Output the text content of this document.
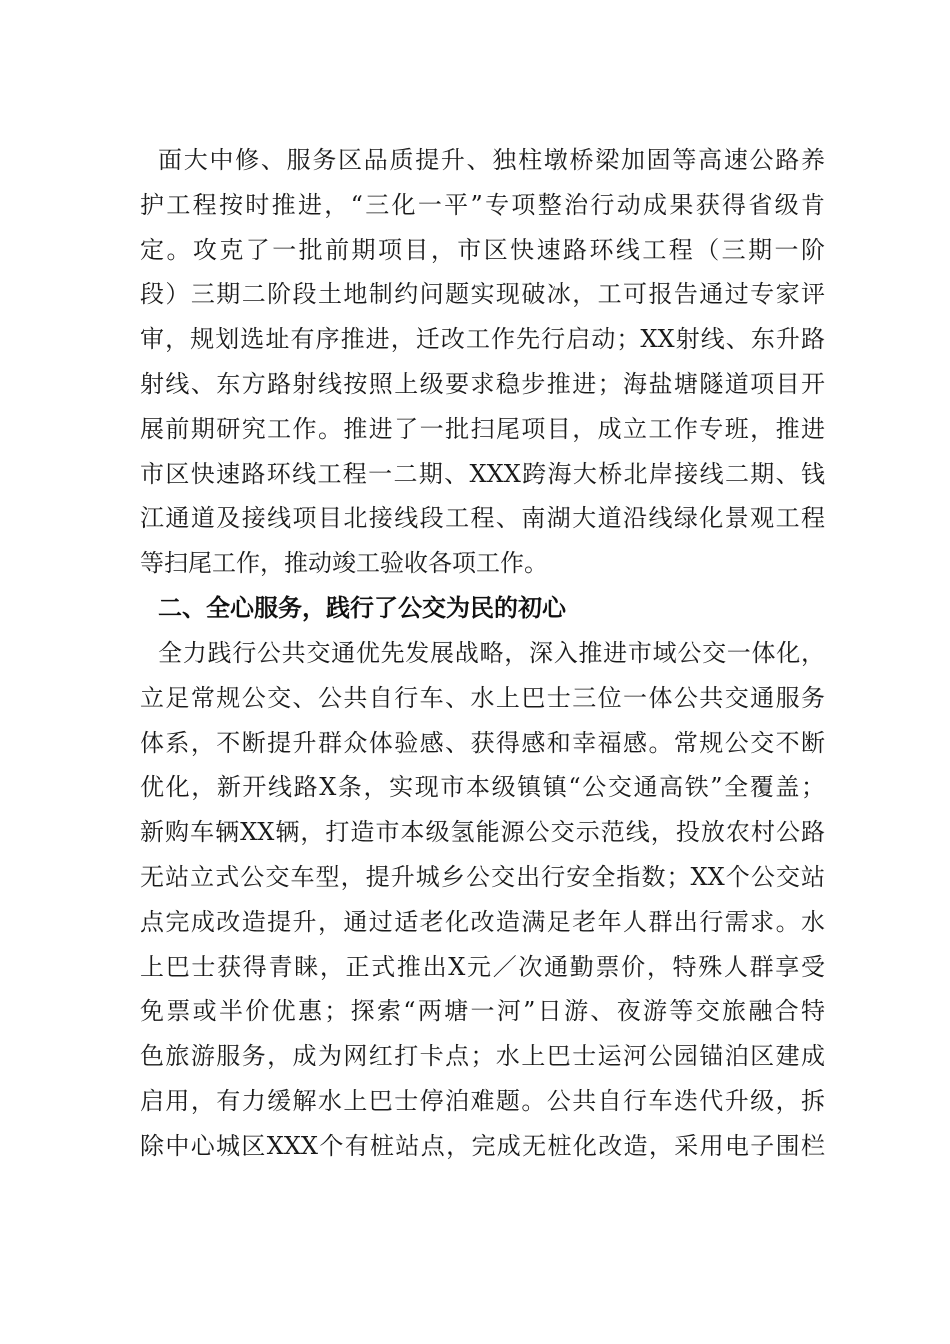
面大中修、服务区品质提升、独柱墩桥梁加固等高速公路养
护工程按时推进，“三化一平”专项整治行动成果获得省级肯
定。攻克了一批前期项目，市区快速路环线工程（三期一阶
段）三期二阶段土地制约问题实现破冰，工可报告通过专家评
审，规划选址有序推进，迁改工作先行启动；XX射线、东升路
射线、东方路射线按照上级要求稳步推进；海盐塘隧道项目开
展前期研究工作。推进了一批扫尾项目，成立工作专班，推进
市区快速路环线工程一二期、XXX跨海大桥北岸接线二期、钱
江通道及接线项目北接线段工程、南湖大道沿线绿化景观工程
等扫尾工作，推动竣工验收各项工作。
二、全心服务，践行了公交为民的初心
全力践行公共交通优先发展战略，深入推进市域公交一体化，
立足常规公交、公共自行车、水上巴士三位一体公共交通服务
体系，不断提升群众体验感、获得感和幸福感。常规公交不断
优化，新开线路X条，实现市本级镇镇“公交通高铁”全覆盖；
新购车辆XX辆，打造市本级氢能源公交示范线，投放农村公路
无站立式公交车型，提升城乡公交出行安全指数；XX个公交站
点完成改造提升，通过适老化改造满足老年人群出行需求。水
上巴士获得青睐，正式推出X元／次通勤票价，特殊人群享受
免票或半价优惠；探索“两塘一河”日游、夜游等交旅融合特
色旅游服务，成为网红打卡点；水上巴士运河公园锚泊区建成
启用，有力缓解水上巴士停泊难题。公共自行车迭代升级，拆
除中心城区XXX个有桩站点，完成无桩化改造，采用电子围栏
